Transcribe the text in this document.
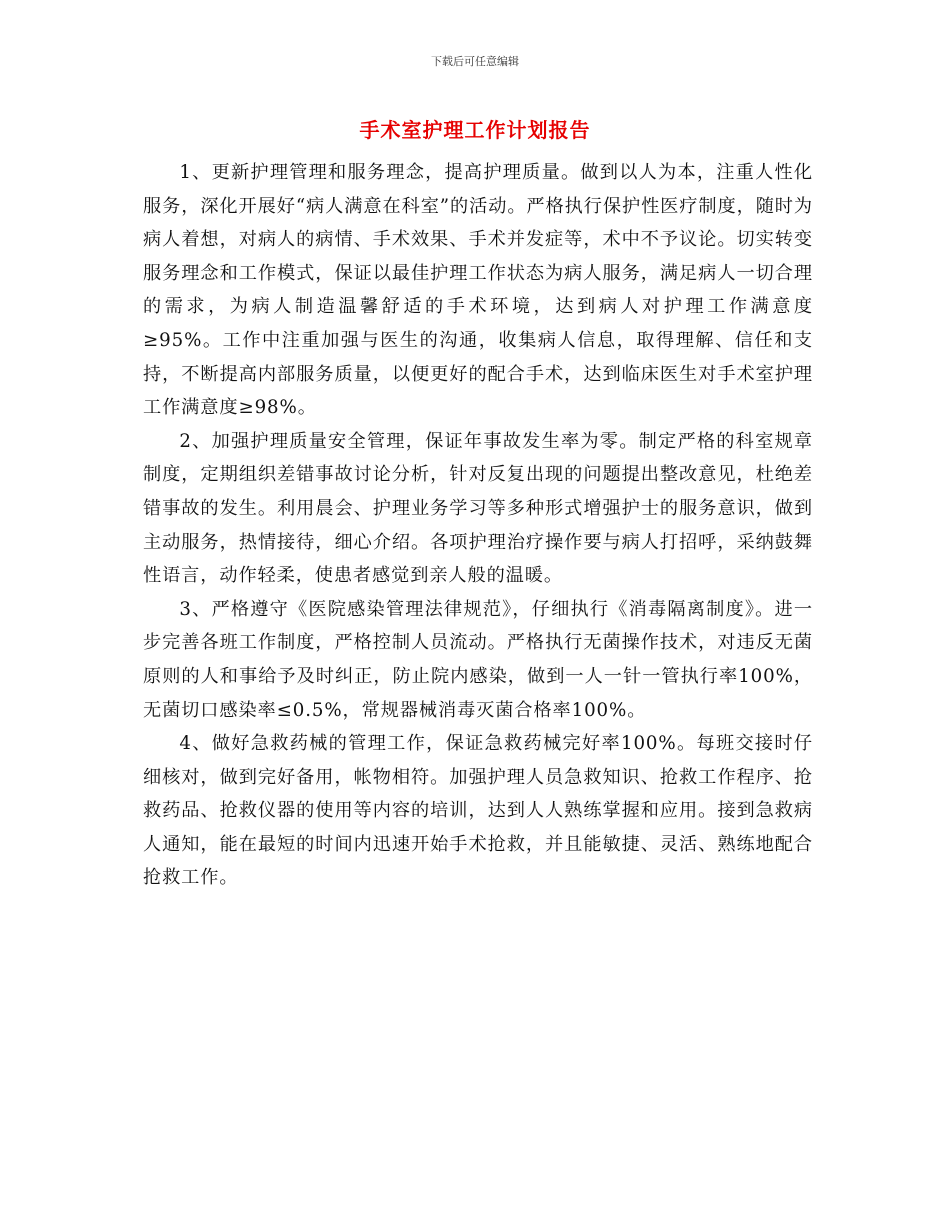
下载后可任意编辑
手术室护理工作计划报告

1、更新护理管理和服务理念，提高护理质量。做到以人为本，注重人性化服务，深化开展好“病人满意在科室”的活动。严格执行保护性医疗制度，随时为病人着想，对病人的病情、手术效果、手术并发症等，术中不予议论。切实转变服务理念和工作模式，保证以最佳护理工作状态为病人服务，满足病人一切合理的需求，为病人制造温馨舒适的手术环境，达到病人对护理工作满意度≥95%。工作中注重加强与医生的沟通，收集病人信息，取得理解、信任和支持，不断提高内部服务质量，以便更好的配合手术，达到临床医生对手术室护理工作满意度≥98%。

2、加强护理质量安全管理，保证年事故发生率为零。制定严格的科室规章制度，定期组织差错事故讨论分析，针对反复出现的问题提出整改意见，杜绝差错事故的发生。利用晨会、护理业务学习等多种形式增强护士的服务意识，做到主动服务，热情接待，细心介绍。各项护理治疗操作要与病人打招呼，采纳鼓舞性语言，动作轻柔，使患者感觉到亲人般的温暖。

3、严格遵守《医院感染管理法律规范》，仔细执行《消毒隔离制度》。进一步完善各班工作制度，严格控制人员流动。严格执行无菌操作技术，对违反无菌原则的人和事给予及时纠正，防止院内感染，做到一人一针一管执行率100%，无菌切口感染率≤0.5%，常规器械消毒灭菌合格率100%。

4、做好急救药械的管理工作，保证急救药械完好率100%。每班交接时仔细核对，做到完好备用，帐物相符。加强护理人员急救知识、抢救工作程序、抢救药品、抢救仪器的使用等内容的培训，达到人人熟练掌握和应用。接到急救病人通知，能在最短的时间内迅速开始手术抢救，并且能敏捷、灵活、熟练地配合抢救工作。
